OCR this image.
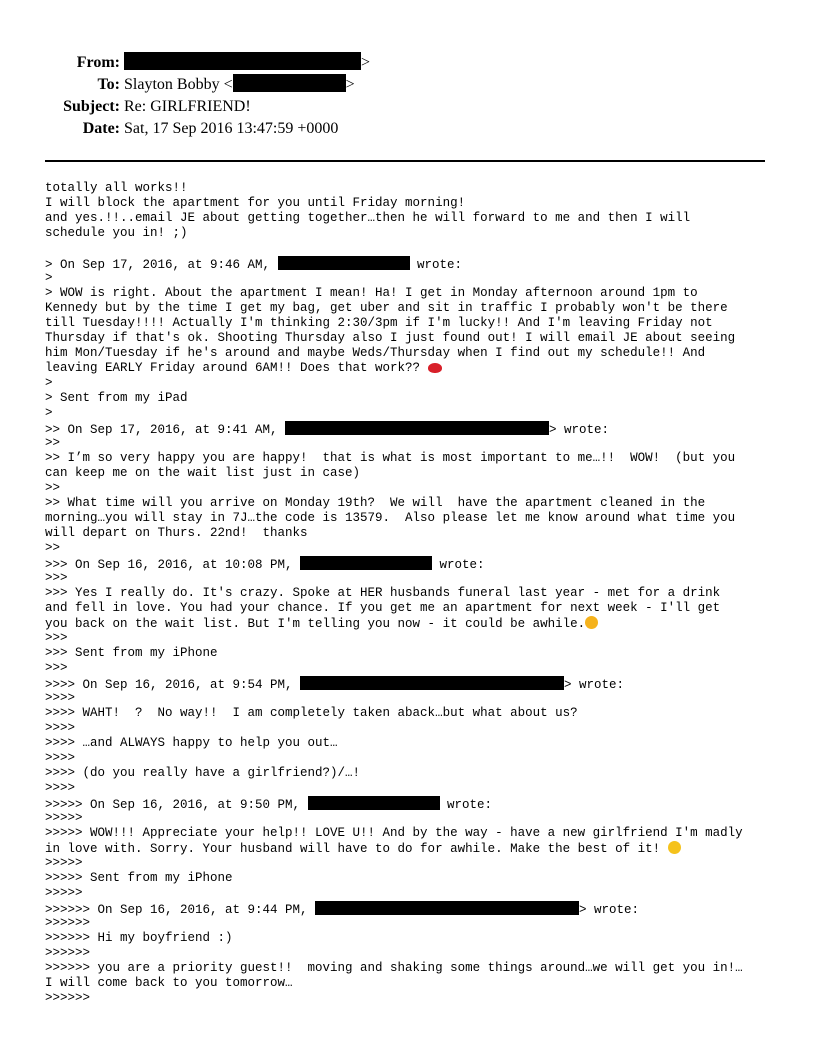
From:	>
To: Slayton Bobby <	>
Subject: Re: GIRLFRIEND!
Date: Sat, 17 Sep 2016 13:47:59 +0000
totally all works!!
I will block the apartment for you until Friday morning!
and yes.!!..email JE about getting together…then he will forward to me and then I will
schedule you in! ;)
> On Sep 17, 2016, at 9:46 AM,	wrote:
>
> WOW is right. About the apartment I mean! Ha! I get in Monday afternoon around 1pm to
Kennedy but by the time I get my bag, get uber and sit in traffic I probably won't be there
till Tuesday!!!! Actually I'm thinking 2:30/3pm if I'm lucky!! And I'm leaving Friday not
Thursday if that's ok. Shooting Thursday also I just found out! I will email JE about seeing
him Mon/Tuesday if he's around and maybe Weds/Thursday when I find out my schedule!! And
leaving EARLY Friday around 6AM!! Does that work??
>
> Sent from my iPad
>
>> On Sep 17, 2016, at 9:41 AM,	> wrote:
>>
>> I’m so very happy you are happy!  that is what is most important to me…!!  WOW!  (but you
can keep me on the wait list just in case)
>>
>> What time will you arrive on Monday 19th?  We will  have the apartment cleaned in the
morning…you will stay in 7J…the code is 13579.  Also please let me know around what time you
will depart on Thurs. 22nd!  thanks
>>
>>> On Sep 16, 2016, at 10:08 PM,	wrote:
>>>
>>> Yes I really do. It's crazy. Spoke at HER husbands funeral last year - met for a drink
and fell in love. You had your chance. If you get me an apartment for next week - I'll get
you back on the wait list. But I'm telling you now - it could be awhile.
>>>
>>> Sent from my iPhone
>>>
>>>> On Sep 16, 2016, at 9:54 PM,	> wrote:
>>>>
>>>> WAHT!  ?  No way!!  I am completely taken aback…but what about us?
>>>>
>>>> …and ALWAYS happy to help you out…
>>>>
>>>> (do you really have a girlfriend?)/…!
>>>>
>>>>> On Sep 16, 2016, at 9:50 PM,	wrote:
>>>>>
>>>>> WOW!!! Appreciate your help!! LOVE U!! And by the way - have a new girlfriend I'm madly
in love with. Sorry. Your husband will have to do for awhile. Make the best of it!
>>>>>
>>>>> Sent from my iPhone
>>>>>
>>>>>> On Sep 16, 2016, at 9:44 PM,	> wrote:
>>>>>>
>>>>>> Hi my boyfriend :)
>>>>>>
>>>>>> you are a priority guest!!  moving and shaking some things around…we will get you in!…
I will come back to you tomorrow…
>>>>>>
